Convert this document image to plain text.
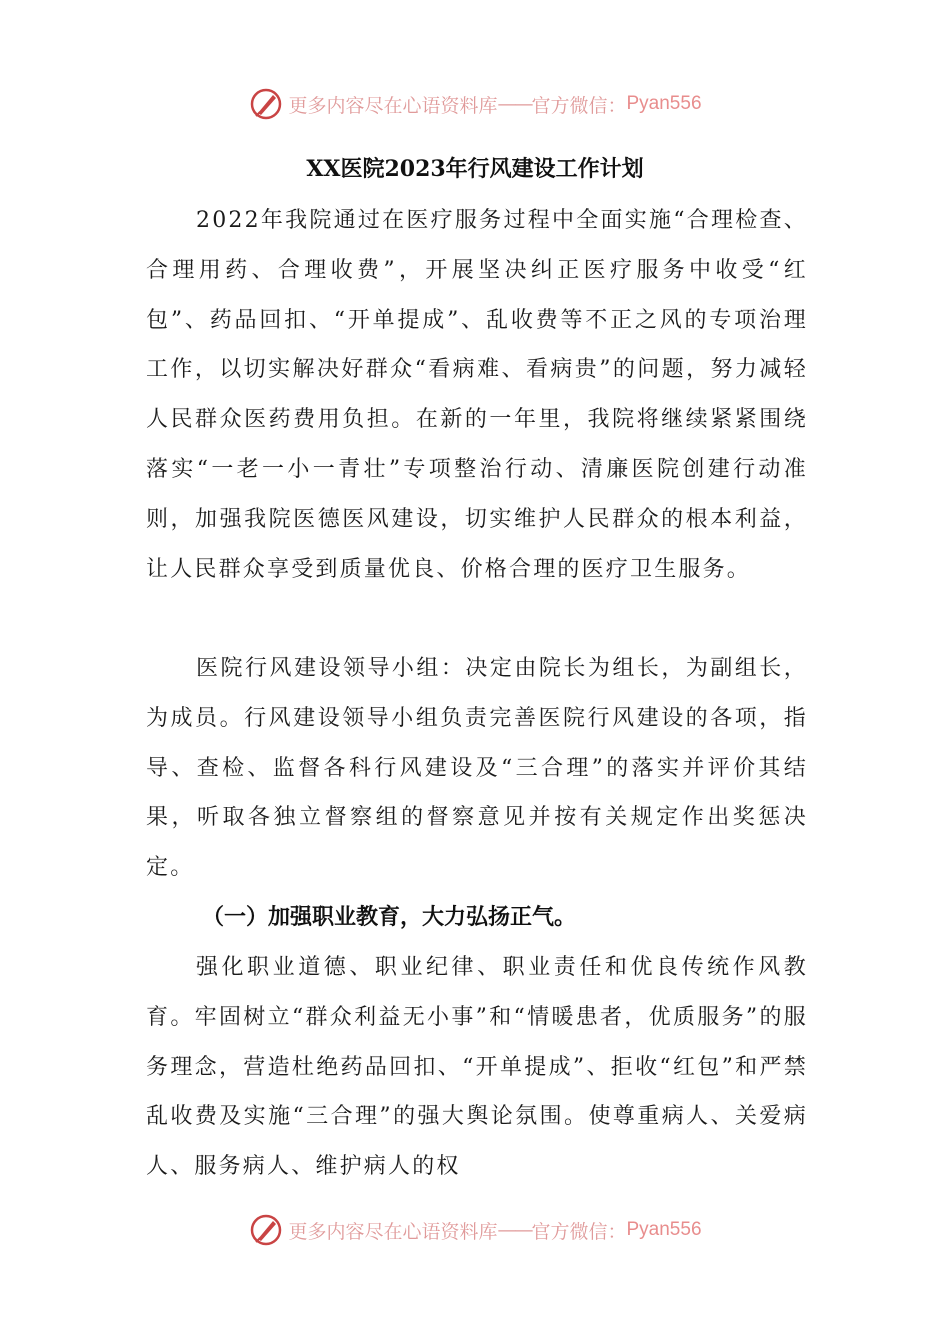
更多内容尽在心语资料库 —— 官方微信： Pyan556
XX医院2023年行风建设工作计划

2022年我院通过在医疗服务过程中全面实施“合理检查、合理用药、合理收费”，开展坚决纠正医疗服务中收受“红包”、药品回扣、“开单提成”、乱收费等不正之风的专项治理工作，以切实解决好群众“看病难、看病贵”的问题，努力减轻人民群众医药费用负担。在新的一年里，我院将继续紧紧围绕落实“一老一小一青壮”专项整治行动、清廉医院创建行动准则，加强我院医德医风建设，切实维护人民群众的根本利益，让人民群众享受到质量优良、价格合理的医疗卫生服务。

医院行风建设领导小组：决定由院长为组长，为副组长，为成员。行风建设领导小组负责完善医院行风建设的各项，指导、查检、监督各科行风建设及“三合理”的落实并评价其结果，听取各独立督察组的督察意见并按有关规定作出奖惩决定。

（一）加强职业教育，大力弘扬正气。

强化职业道德、职业纪律、职业责任和优良传统作风教育。牢固树立“群众利益无小事”和“情暖患者，优质服务”的服务理念，营造杜绝药品回扣、“开单提成”、拒收“红包”和严禁乱收费及实施“三合理”的强大舆论氛围。使尊重病人、关爱病人、服务病人、维护病人的权

更多内容尽在心语资料库 —— 官方微信： Pyan556
